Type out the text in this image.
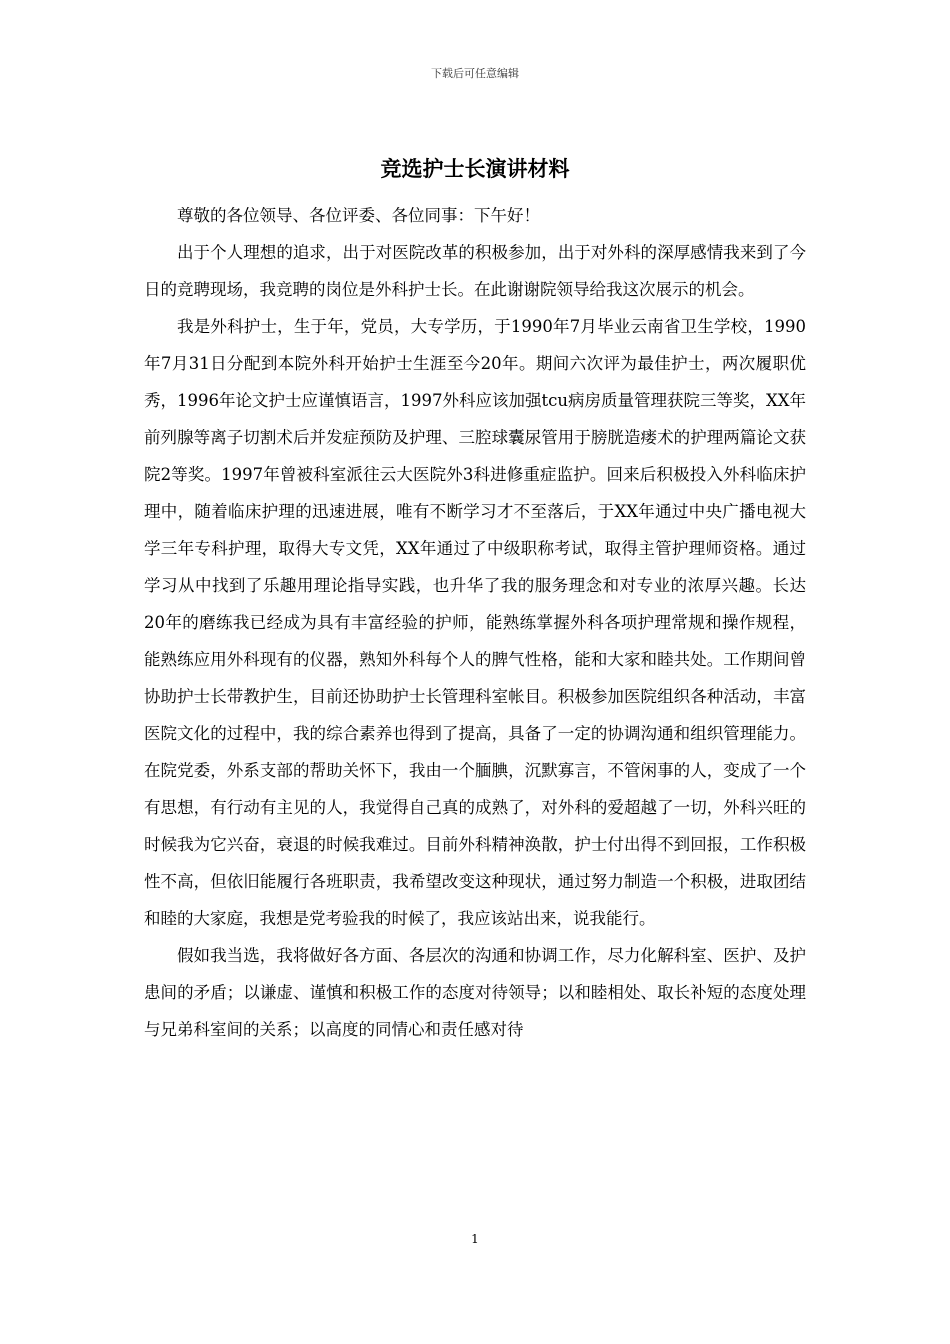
下载后可任意编辑
竞选护士长演讲材料

尊敬的各位领导、各位评委、各位同事：下午好！

出于个人理想的追求，出于对医院改革的积极参加，出于对外科的深厚感情我来到了今日的竞聘现场，我竞聘的岗位是外科护士长。在此谢谢院领导给我这次展示的机会。

我是外科护士，生于年，党员，大专学历，于1990年7月毕业云南省卫生学校，1990年7月31日分配到本院外科开始护士生涯至今20年。期间六次评为最佳护士，两次履职优秀，1996年论文护士应谨慎语言，1997外科应该加强tcu病房质量管理获院三等奖，XX年前列腺等离子切割术后并发症预防及护理、三腔球囊尿管用于膀胱造瘘术的护理两篇论文获院2等奖。1997年曾被科室派往云大医院外3科进修重症监护。回来后积极投入外科临床护理中，随着临床护理的迅速进展，唯有不断学习才不至落后，于XX年通过中央广播电视大学三年专科护理，取得大专文凭，XX年通过了中级职称考试，取得主管护理师资格。通过学习从中找到了乐趣用理论指导实践，也升华了我的服务理念和对专业的浓厚兴趣。长达20年的磨练我已经成为具有丰富经验的护师，能熟练掌握外科各项护理常规和操作规程，能熟练应用外科现有的仪器，熟知外科每个人的脾气性格，能和大家和睦共处。工作期间曾协助护士长带教护生，目前还协助护士长管理科室帐目。积极参加医院组织各种活动，丰富医院文化的过程中，我的综合素养也得到了提高，具备了一定的协调沟通和组织管理能力。在院党委，外系支部的帮助关怀下，我由一个腼腆，沉默寡言，不管闲事的人，变成了一个有思想，有行动有主见的人，我觉得自己真的成熟了，对外科的爱超越了一切，外科兴旺的时候我为它兴奋，衰退的时候我难过。目前外科精神涣散，护士付出得不到回报，工作积极性不高，但依旧能履行各班职责，我希望改变这种现状，通过努力制造一个积极，进取团结和睦的大家庭，我想是党考验我的时候了，我应该站出来，说我能行。

假如我当选，我将做好各方面、各层次的沟通和协调工作，尽力化解科室、医护、及护患间的矛盾；以谦虚、谨慎和积极工作的态度对待领导；以和睦相处、取长补短的态度处理与兄弟科室间的关系；以高度的同情心和责任感对待

1
